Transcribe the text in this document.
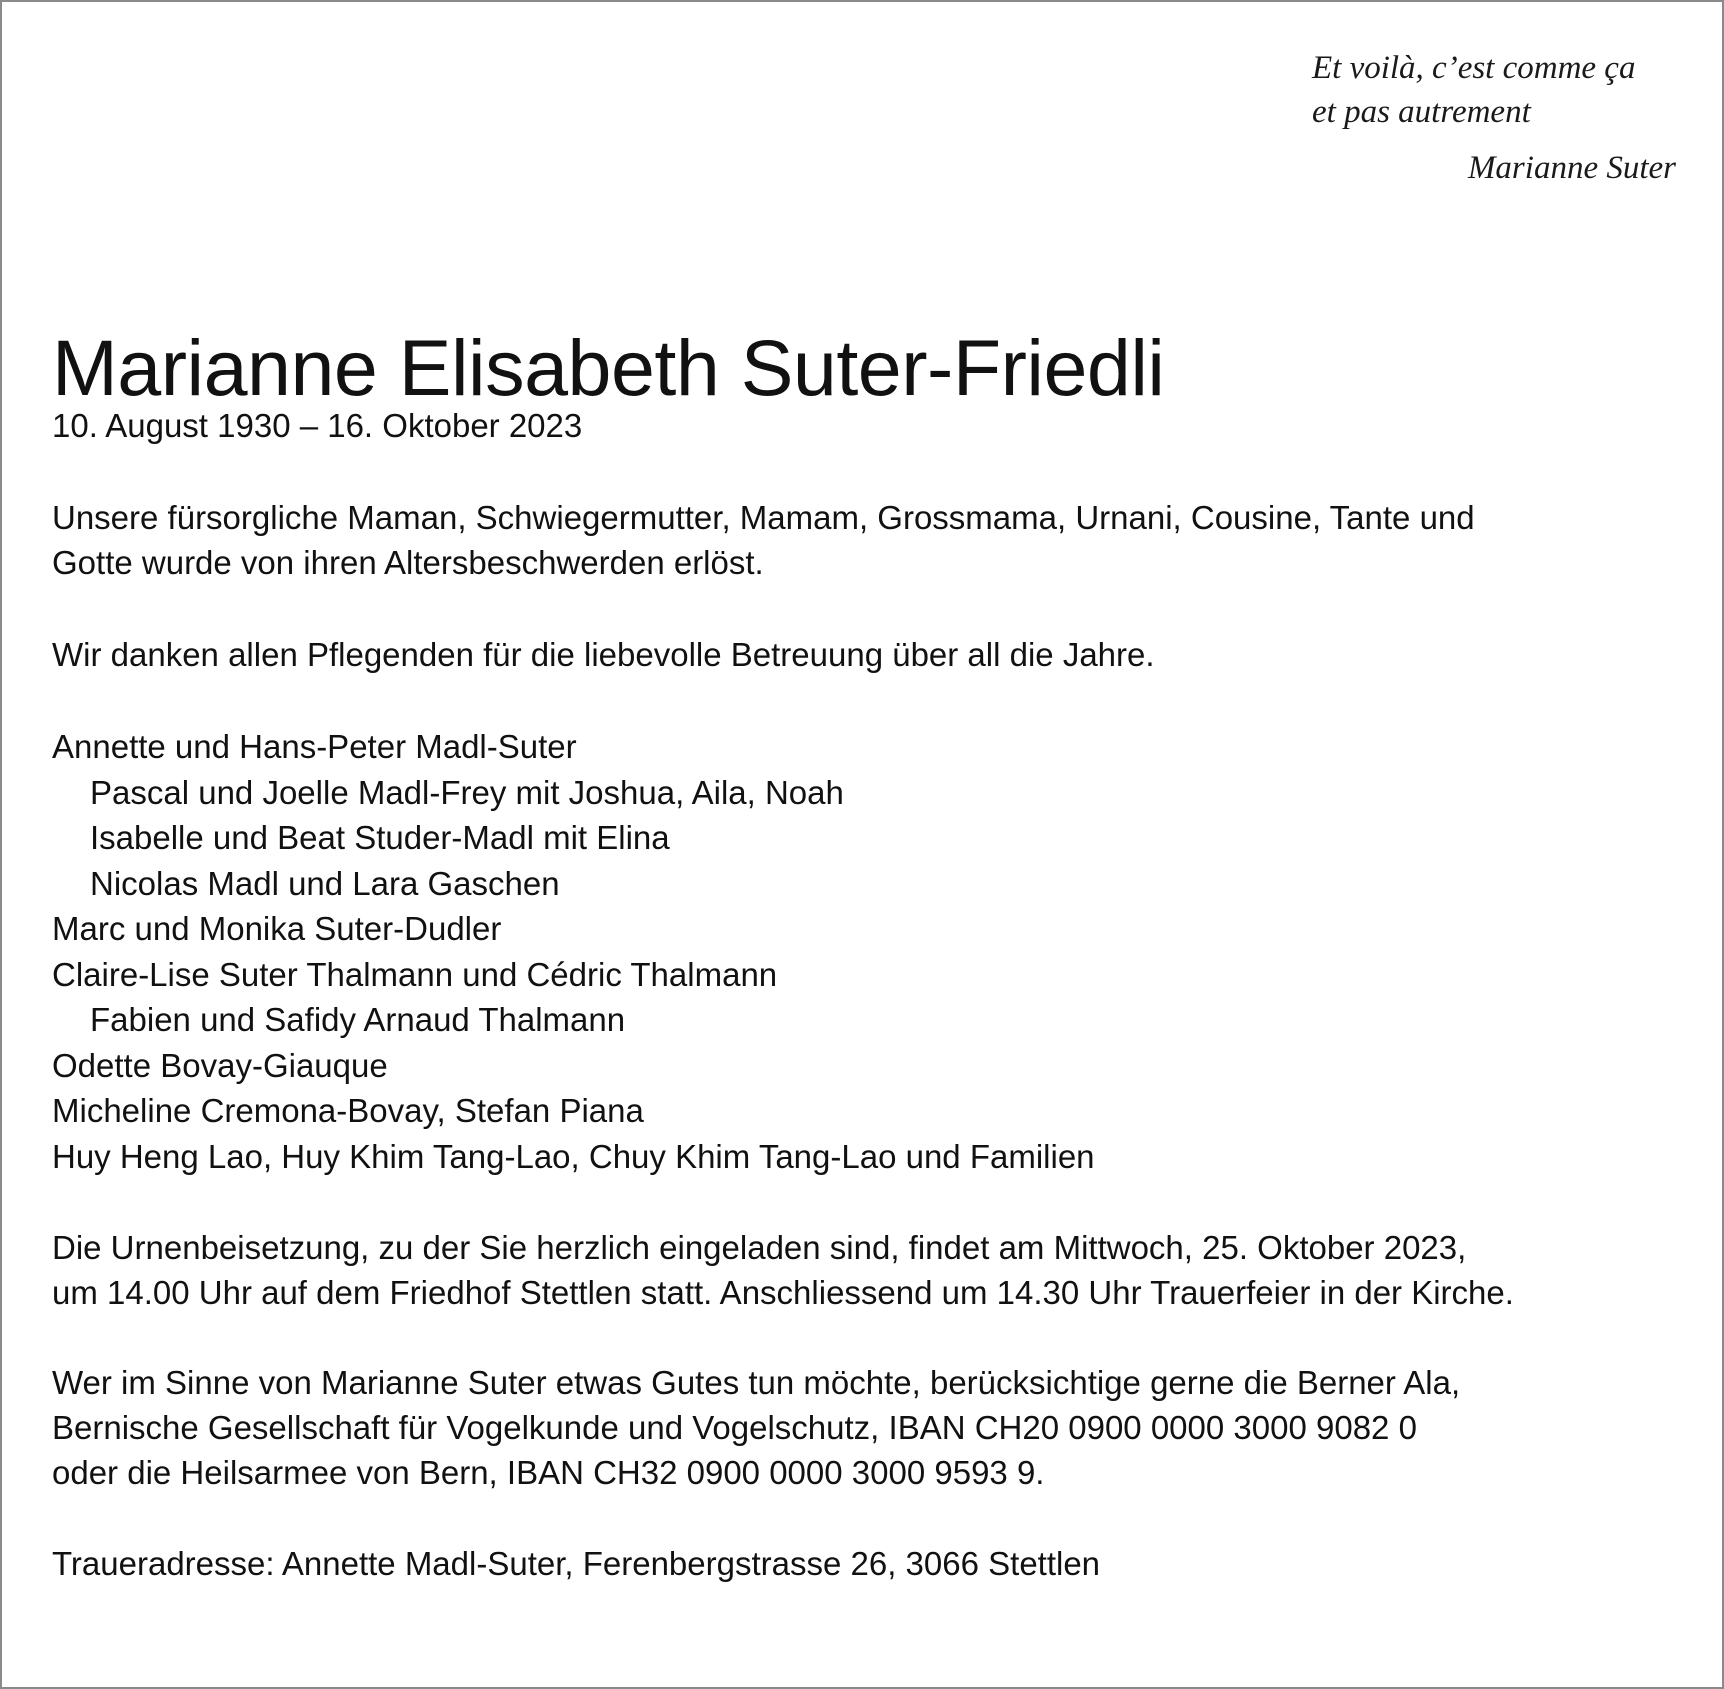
Et voilà, c’est comme ça
et pas autrement
Marianne Suter
Marianne Elisabeth Suter-Friedli
10. August 1930 – 16. Oktober 2023

Unsere fürsorgliche Maman, Schwiegermutter, Mamam, Grossmama, Urnani, Cousine, Tante und
Gotte wurde von ihren Altersbeschwerden erlöst.

Wir danken allen Pflegenden für die liebevolle Betreuung über all die Jahre.

Annette und Hans-Peter Madl-Suter
Pascal und Joelle Madl-Frey mit Joshua, Aila, Noah
Isabelle und Beat Studer-Madl mit Elina
Nicolas Madl und Lara Gaschen
Marc und Monika Suter-Dudler
Claire-Lise Suter Thalmann und Cédric Thalmann
Fabien und Safidy Arnaud Thalmann
Odette Bovay-Giauque
Micheline Cremona-Bovay, Stefan Piana
Huy Heng Lao, Huy Khim Tang-Lao, Chuy Khim Tang-Lao und Familien

Die Urnenbeisetzung, zu der Sie herzlich eingeladen sind, findet am Mittwoch, 25. Oktober 2023,
um 14.00 Uhr auf dem Friedhof Stettlen statt. Anschliessend um 14.30 Uhr Trauerfeier in der Kirche.

Wer im Sinne von Marianne Suter etwas Gutes tun möchte, berücksichtige gerne die Berner Ala,
Bernische Gesellschaft für Vogelkunde und Vogelschutz, IBAN CH20 0900 0000 3000 9082 0
oder die Heilsarmee von Bern, IBAN CH32 0900 0000 3000 9593 9.

Traueradresse: Annette Madl-Suter, Ferenbergstrasse 26, 3066 Stettlen
